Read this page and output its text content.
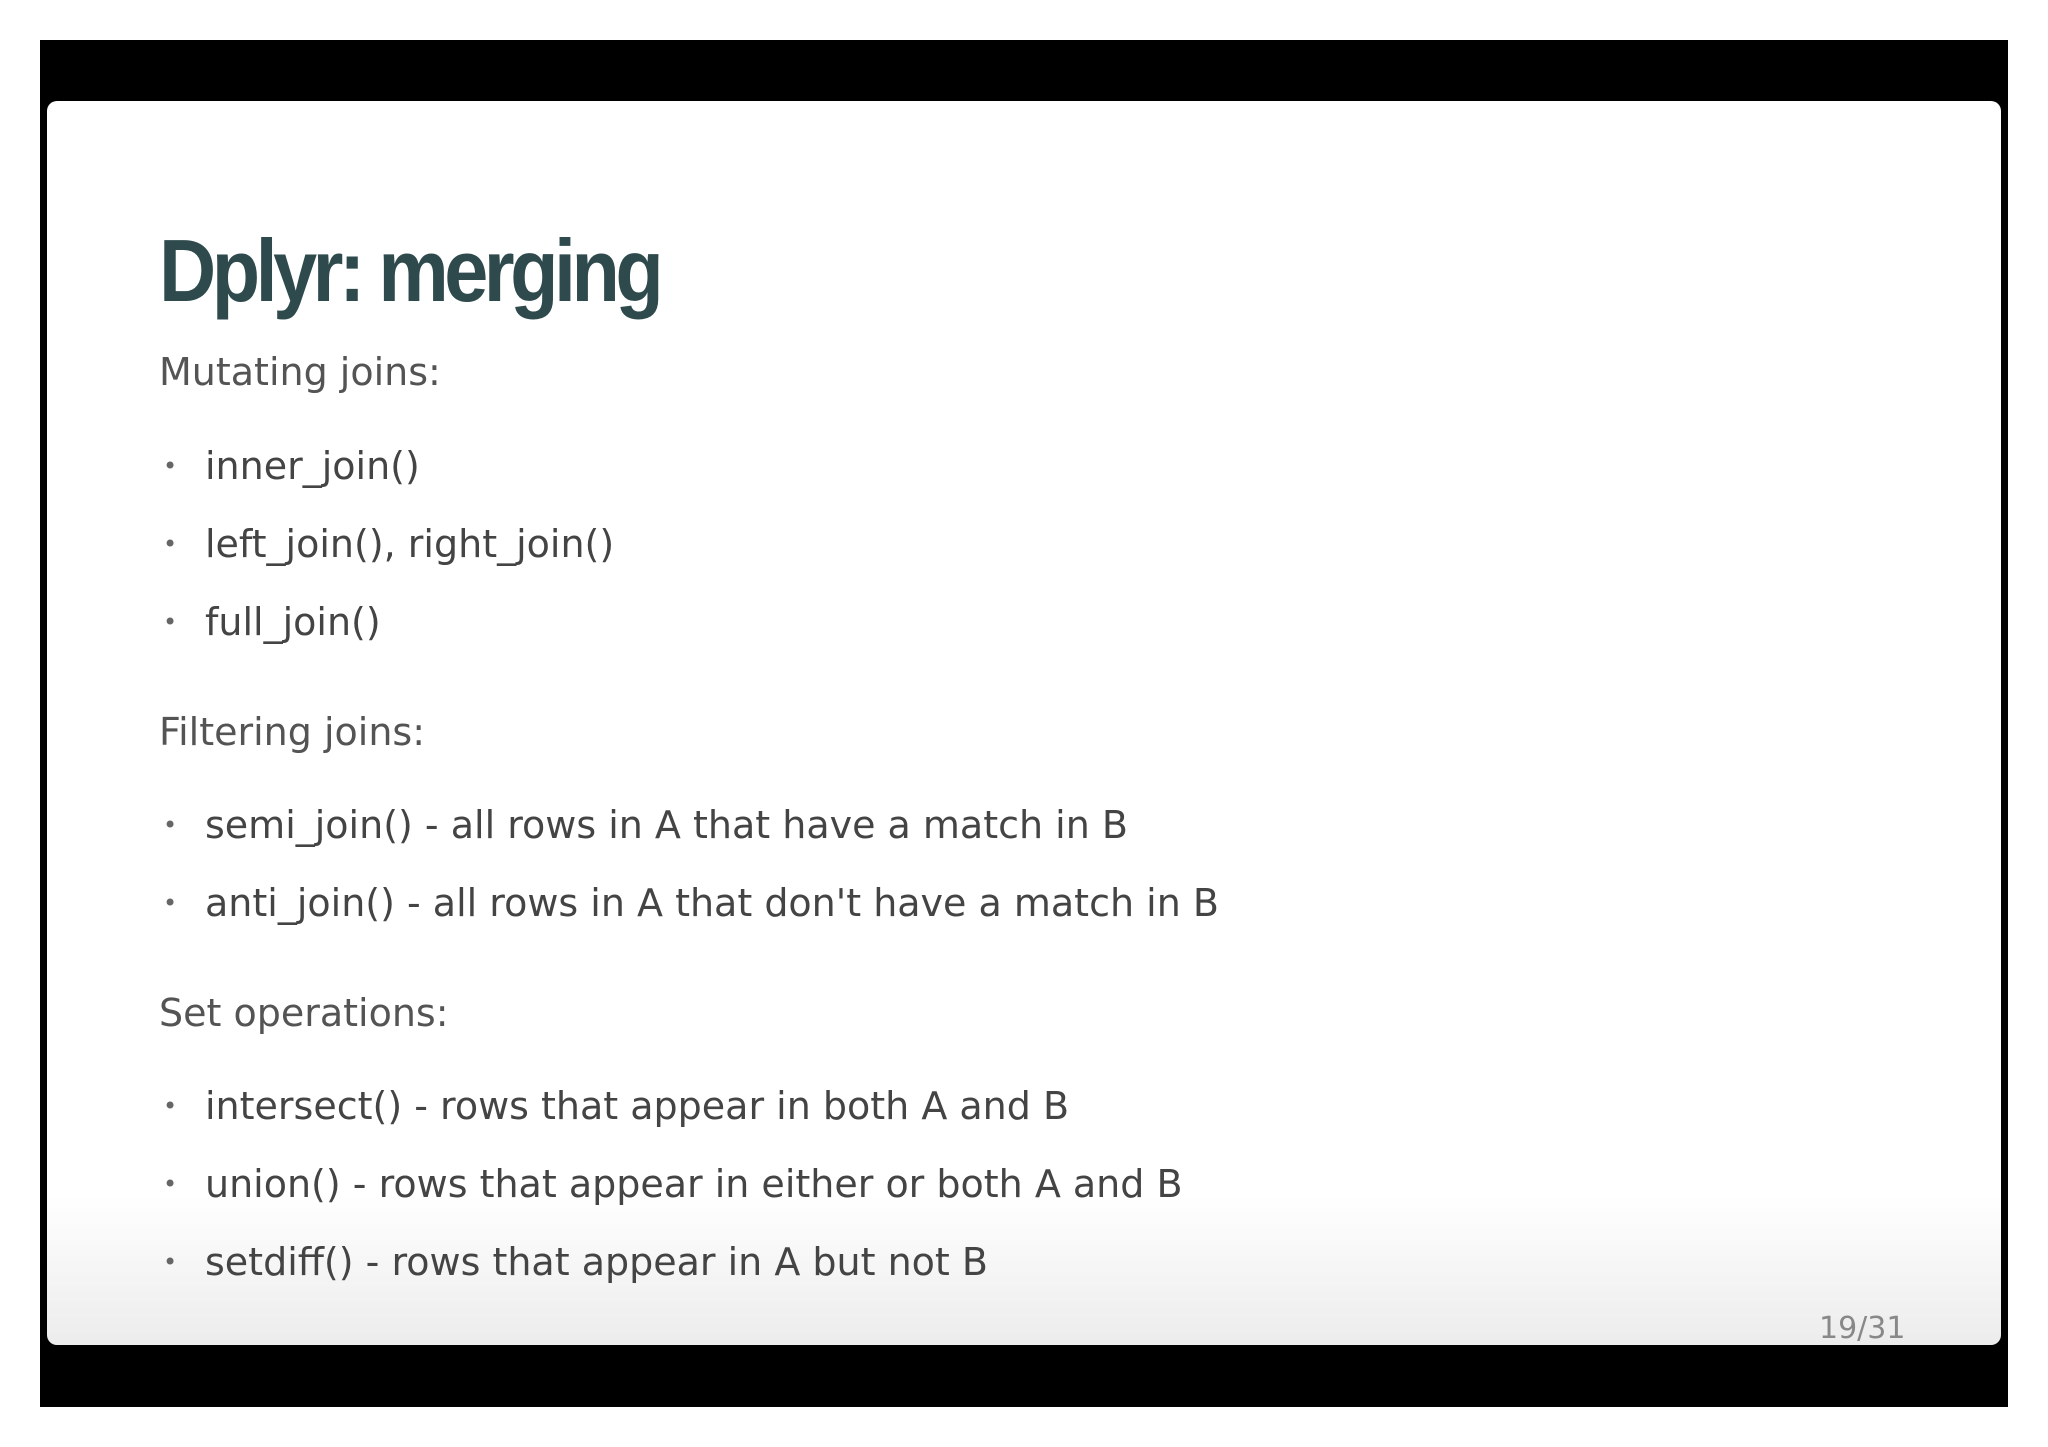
Dplyr: merging
Mutating joins:
• inner_join()
• left_join(), right_join()
• full_join()
Filtering joins:
• semi_join() - all rows in A that have a match in B
• anti_join() - all rows in A that don't have a match in B
Set operations:
• intersect() - rows that appear in both A and B
• union() - rows that appear in either or both A and B
• setdiff() - rows that appear in A but not B
19/31
